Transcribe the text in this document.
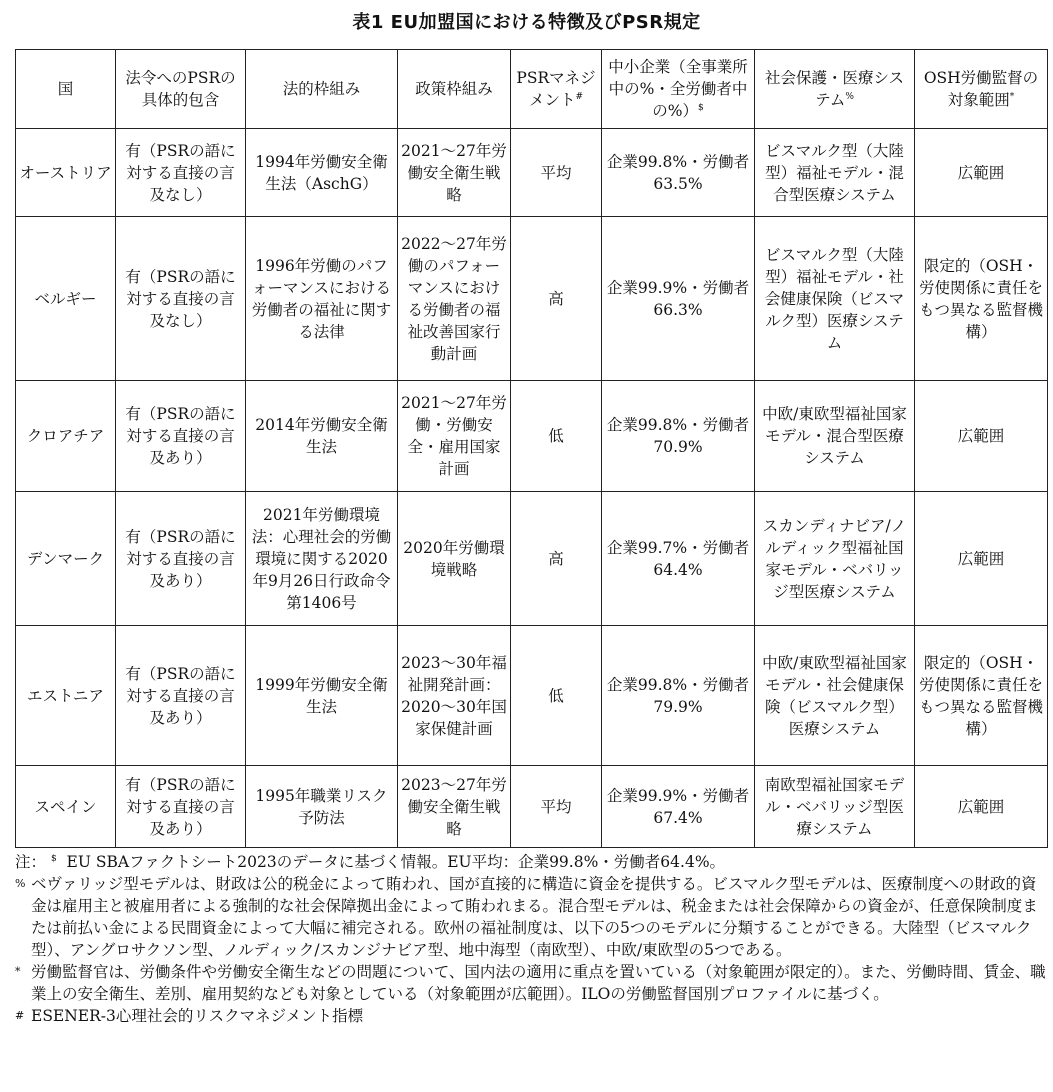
表1 EU加盟国における特徴及びPSR規定
国	法令へのPSRの具体的包含	法的枠組み	政策枠組み	PSRマネジメント#	中小企業（全事業所中の%・全労働者中の%）$	社会保護・医療システム%	OSH労働監督の対象範囲*
オーストリア	有（PSRの語に対する直接の言及なし）	1994年労働安全衛生法（AschG）	2021～27年労働安全衛生戦略	平均	企業99.8%・労働者63.5%	ビスマルク型（大陸型）福祉モデル・混合型医療システム	広範囲
ベルギー	有（PSRの語に対する直接の言及なし）	1996年労働のパフォーマンスにおける労働者の福祉に関する法律	2022～27年労働のパフォーマンスにおける労働者の福祉改善国家行動計画	高	企業99.9%・労働者66.3%	ビスマルク型（大陸型）福祉モデル・社会健康保険（ビスマルク型）医療システム	限定的（OSH・労使関係に責任をもつ異なる監督機構）
クロアチア	有（PSRの語に対する直接の言及あり）	2014年労働安全衛生法	2021～27年労働・労働安全・雇用国家計画	低	企業99.8%・労働者70.9%	中欧/東欧型福祉国家モデル・混合型医療システム	広範囲
デンマーク	有（PSRの語に対する直接の言及あり）	2021年労働環境法：心理社会的労働環境に関する2020年9月26日行政命令第1406号	2020年労働環境戦略	高	企業99.7%・労働者64.4%	スカンディナビア/ノルディック型福祉国家モデル・ベバリッジ型医療システム	広範囲
エストニア	有（PSRの語に対する直接の言及あり）	1999年労働安全衛生法	2023～30年福祉開発計画：2020～30年国家保健計画	低	企業99.8%・労働者79.9%	中欧/東欧型福祉国家モデル・社会健康保険（ビスマルク型）医療システム	限定的（OSH・労使関係に責任をもつ異なる監督機構）
スペイン	有（PSRの語に対する直接の言及あり）	1995年職業リスク予防法	2023～27年労働安全衛生戦略	平均	企業99.9%・労働者67.4%	南欧型福祉国家モデル・ベバリッジ型医療システム	広範囲

注： $ EU SBAファクトシート2023のデータに基づく情報。EU平均：企業99.8%・労働者64.4%。

% ベヴァリッジ型モデルは、財政は公的税金によって賄われ、国が直接的に構造に資金を提供する。ビスマルク型モデルは、医療制度への財政的資金は雇用主と被雇用者による強制的な社会保障拠出金によって賄われまる。混合型モデルは、税金または社会保障からの資金が、任意保険制度または前払い金による民間資金によって大幅に補完される。欧州の福祉制度は、以下の5つのモデルに分類することができる。大陸型（ビスマルク型）、アングロサクソン型、ノルディック/スカンジナビア型、地中海型（南欧型）、中欧/東欧型の5つである。

* 労働監督官は、労働条件や労働安全衛生などの問題について、国内法の適用に重点を置いている（対象範囲が限定的）。また、労働時間、賃金、職業上の安全衛生、差別、雇用契約なども対象としている（対象範囲が広範囲）。ILOの労働監督国別プロファイルに基づく。

# ESENER-3心理社会的リスクマネジメント指標
